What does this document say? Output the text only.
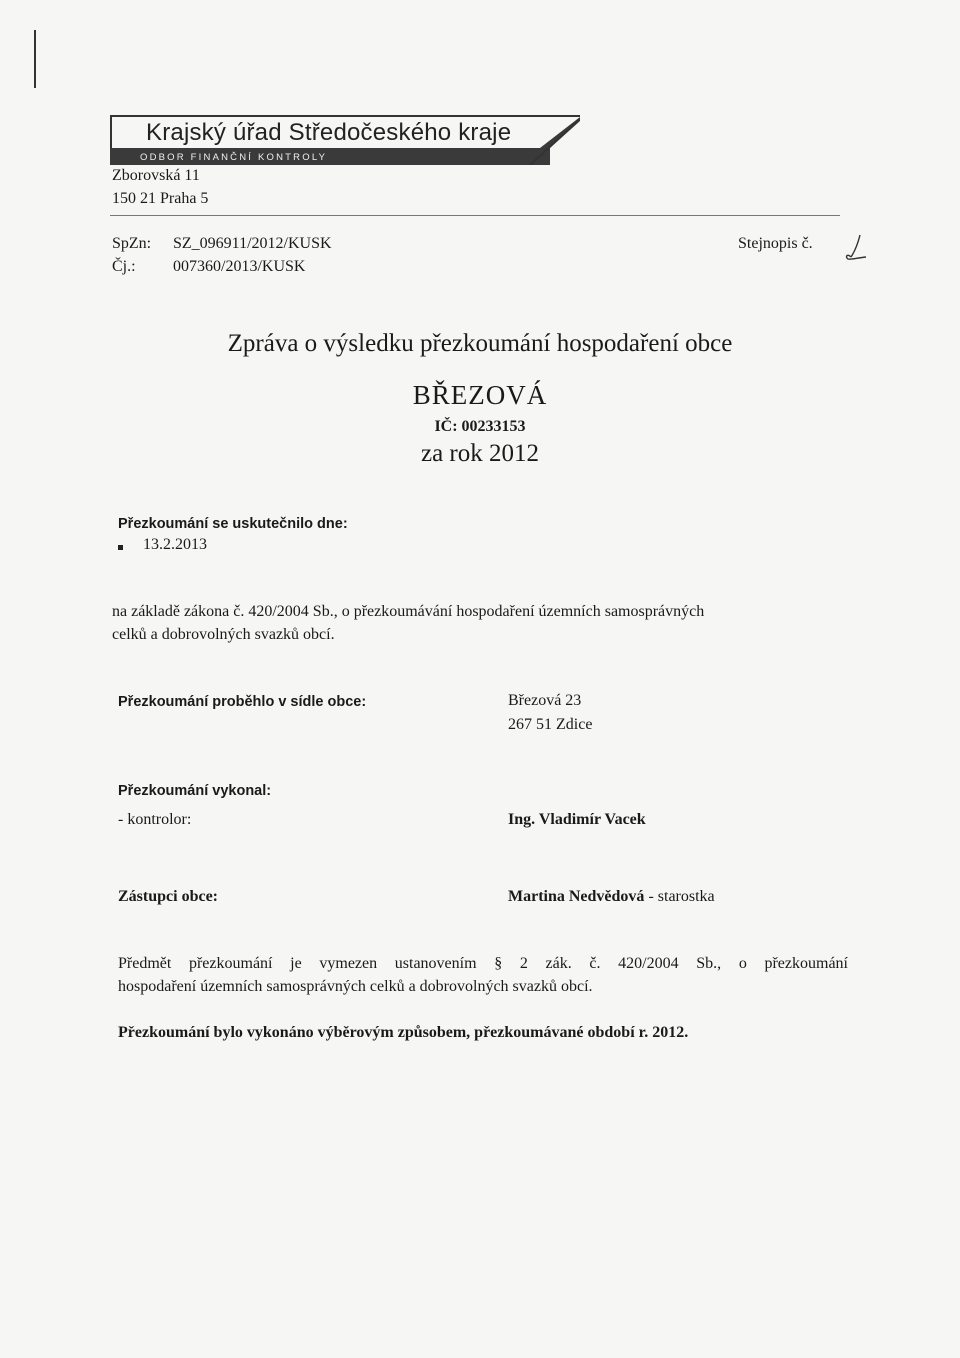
Krajský úřad Středočeského kraje
ODBOR FINANČNÍ KONTROLY
Zborovská 11
150 21 Praha 5
SpZn: SZ_096911/2012/KUSK
Čj.: 007360/2013/KUSK
Stejnopis č.
Zpráva o výsledku přezkoumání hospodaření obce
BŘEZOVÁ
IČ: 00233153
za rok 2012
Přezkoumání se uskutečnilo dne:
13.2.2013
na základě zákona č. 420/2004 Sb., o přezkoumávání hospodaření územních samosprávných
celků a dobrovolných svazků obcí.
Přezkoumání proběhlo v sídle obce:	Březová 23
267 51 Zdice
Přezkoumání vykonal:
- kontrolor:	Ing. Vladimír Vacek
Zástupci obce:	Martina Nedvědová - starostka
Předmět přezkoumání je vymezen ustanovením § 2 zák. č. 420/2004 Sb., o přezkoumání
hospodaření územních samosprávných celků a dobrovolných svazků obcí.
Přezkoumání bylo vykonáno výběrovým způsobem, přezkoumávané období r. 2012.
